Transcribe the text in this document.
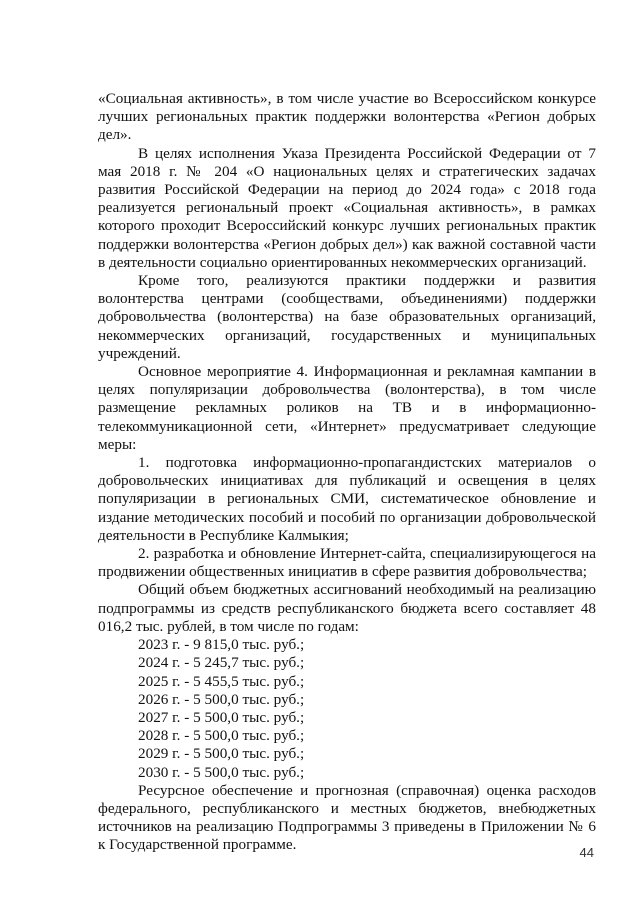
«Социальная активность», в том числе участие во Всероссийском конкурсе лучших региональных практик поддержки волонтерства «Регион добрых дел».

В целях исполнения Указа Президента Российской Федерации от 7 мая 2018 г. № 204 «О национальных целях и стратегических задачах развития Российской Федерации на период до 2024 года» с 2018 года реализуется региональный проект «Социальная активность», в рамках которого проходит Всероссийский конкурс лучших региональных практик поддержки волонтерства «Регион добрых дел») как важной составной части в деятельности социально ориентированных некоммерческих организаций.

Кроме того, реализуются практики поддержки и развития волонтерства центрами (сообществами, объединениями) поддержки добровольчества (волонтерства) на базе образовательных организаций, некоммерческих организаций, государственных и муниципальных учреждений.

Основное мероприятие 4. Информационная и рекламная кампании в целях популяризации добровольчества (волонтерства), в том числе размещение рекламных роликов на ТВ и в информационно-телекоммуникационной сети, «Интернет» предусматривает следующие меры:

1. подготовка информационно-пропагандистских материалов о добровольческих инициативах для публикаций и освещения в целях популяризации в региональных СМИ, систематическое обновление и издание методических пособий и пособий по организации добровольческой деятельности в Республике Калмыкия;

2. разработка и обновление Интернет-сайта, специализирующегося на продвижении общественных инициатив в сфере развития добровольчества;

Общий объем бюджетных ассигнований необходимый на реализацию подпрограммы из средств республиканского бюджета всего составляет 48 016,2 тыс. рублей, в том числе по годам:

2023 г. - 9 815,0 тыс. руб.;
2024 г. - 5 245,7 тыс. руб.;
2025 г. - 5 455,5 тыс. руб.;
2026 г. - 5 500,0 тыс. руб.;
2027 г. - 5 500,0 тыс. руб.;
2028 г. - 5 500,0 тыс. руб.;
2029 г. - 5 500,0 тыс. руб.;
2030 г. - 5 500,0 тыс. руб.;

Ресурсное обеспечение и прогнозная (справочная) оценка расходов федерального, республиканского и местных бюджетов, внебюджетных источников на реализацию Подпрограммы 3 приведены в Приложении № 6 к Государственной программе.	44
